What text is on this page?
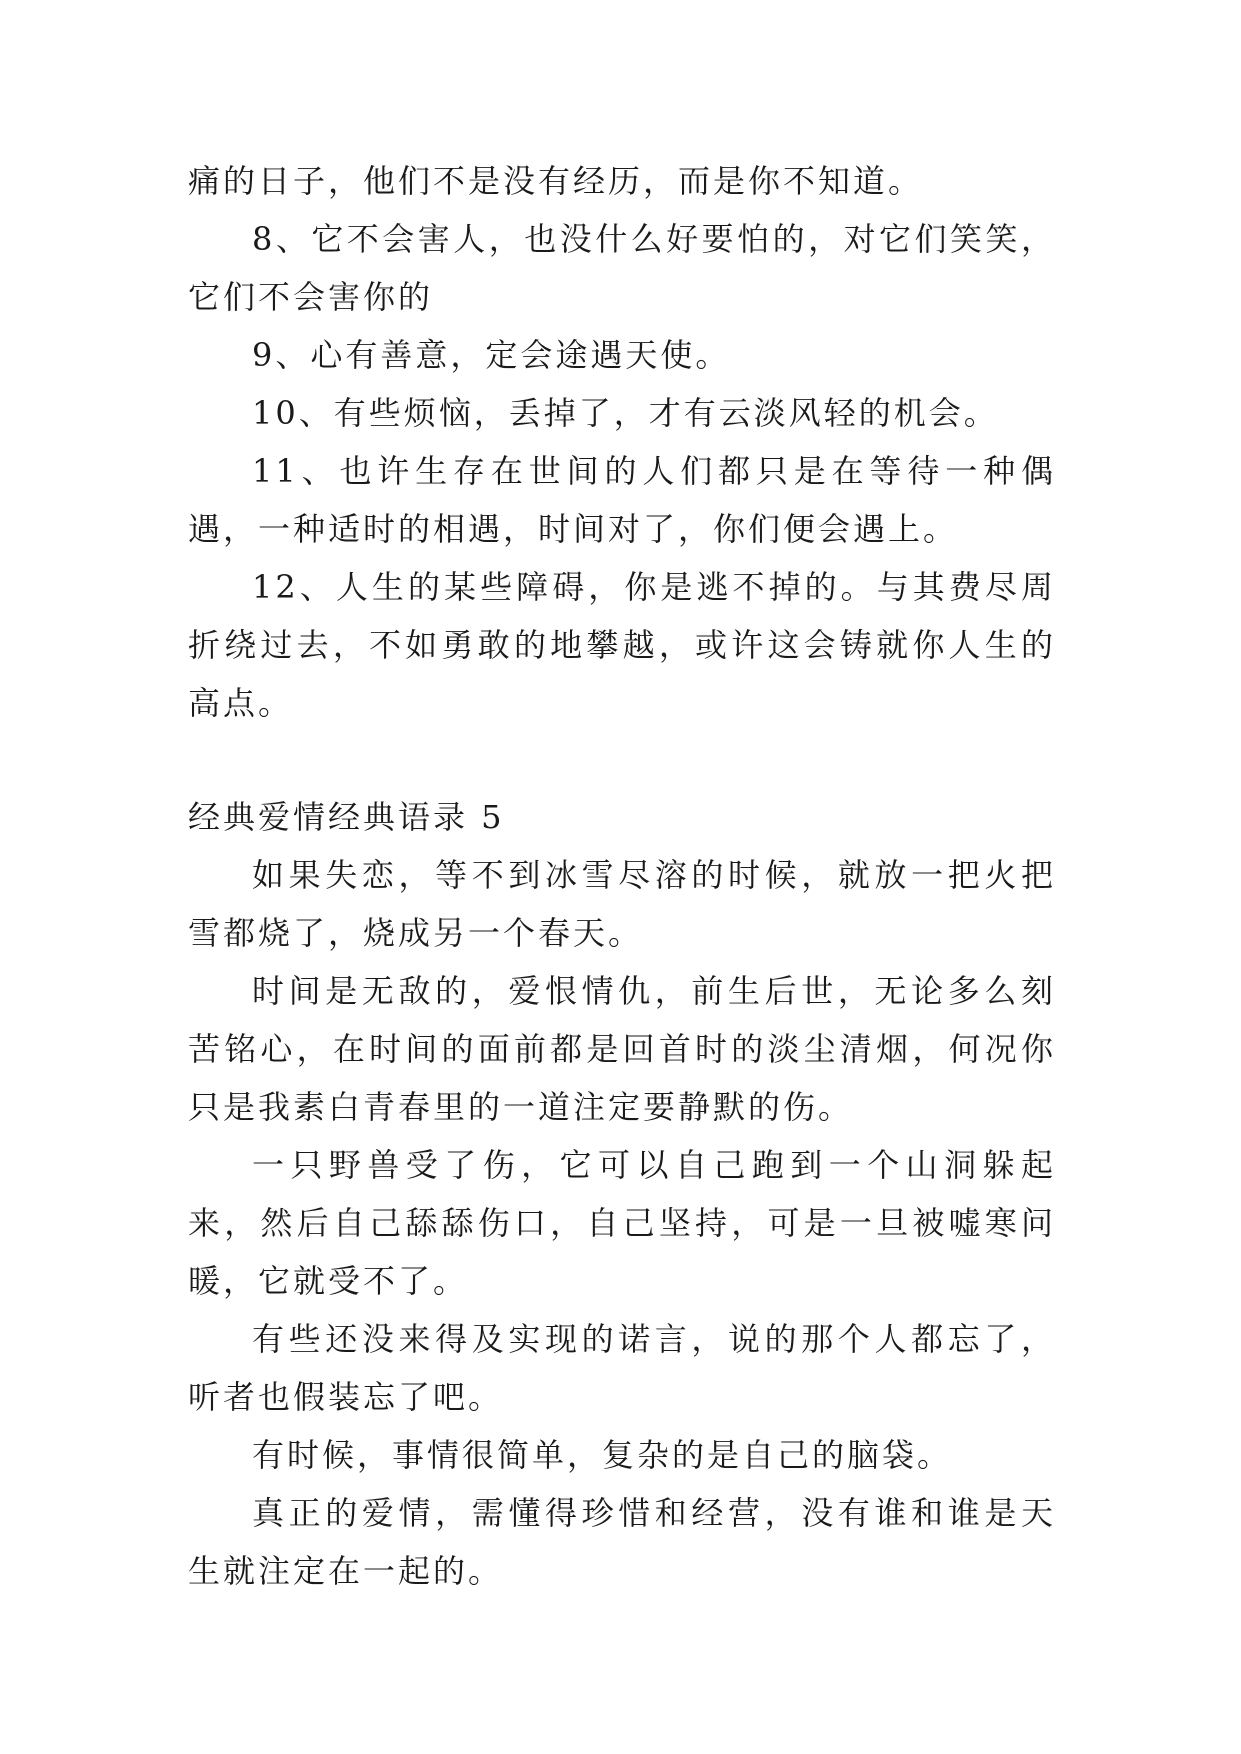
痛的日子，他们不是没有经历，而是你不知道。

8、它不会害人，也没什么好要怕的，对它们笑笑，它们不会害你的

9、心有善意，定会途遇天使。

10、有些烦恼，丢掉了，才有云淡风轻的机会。

11、也许生存在世间的人们都只是在等待一种偶遇，一种适时的相遇，时间对了，你们便会遇上。

12、人生的某些障碍，你是逃不掉的。与其费尽周折绕过去，不如勇敢的地攀越，或许这会铸就你人生的高点。

经典爱情经典语录 5

如果失恋，等不到冰雪尽溶的时候，就放一把火把雪都烧了，烧成另一个春天。

时间是无敌的，爱恨情仇，前生后世，无论多么刻苦铭心，在时间的面前都是回首时的淡尘清烟，何况你只是我素白青春里的一道注定要静默的伤。

一只野兽受了伤，它可以自己跑到一个山洞躲起来，然后自己舔舔伤口，自己坚持，可是一旦被嘘寒问暖，它就受不了。

有些还没来得及实现的诺言，说的那个人都忘了，听者也假装忘了吧。

有时候，事情很简单，复杂的是自己的脑袋。

真正的爱情，需懂得珍惜和经营，没有谁和谁是天生就注定在一起的。
